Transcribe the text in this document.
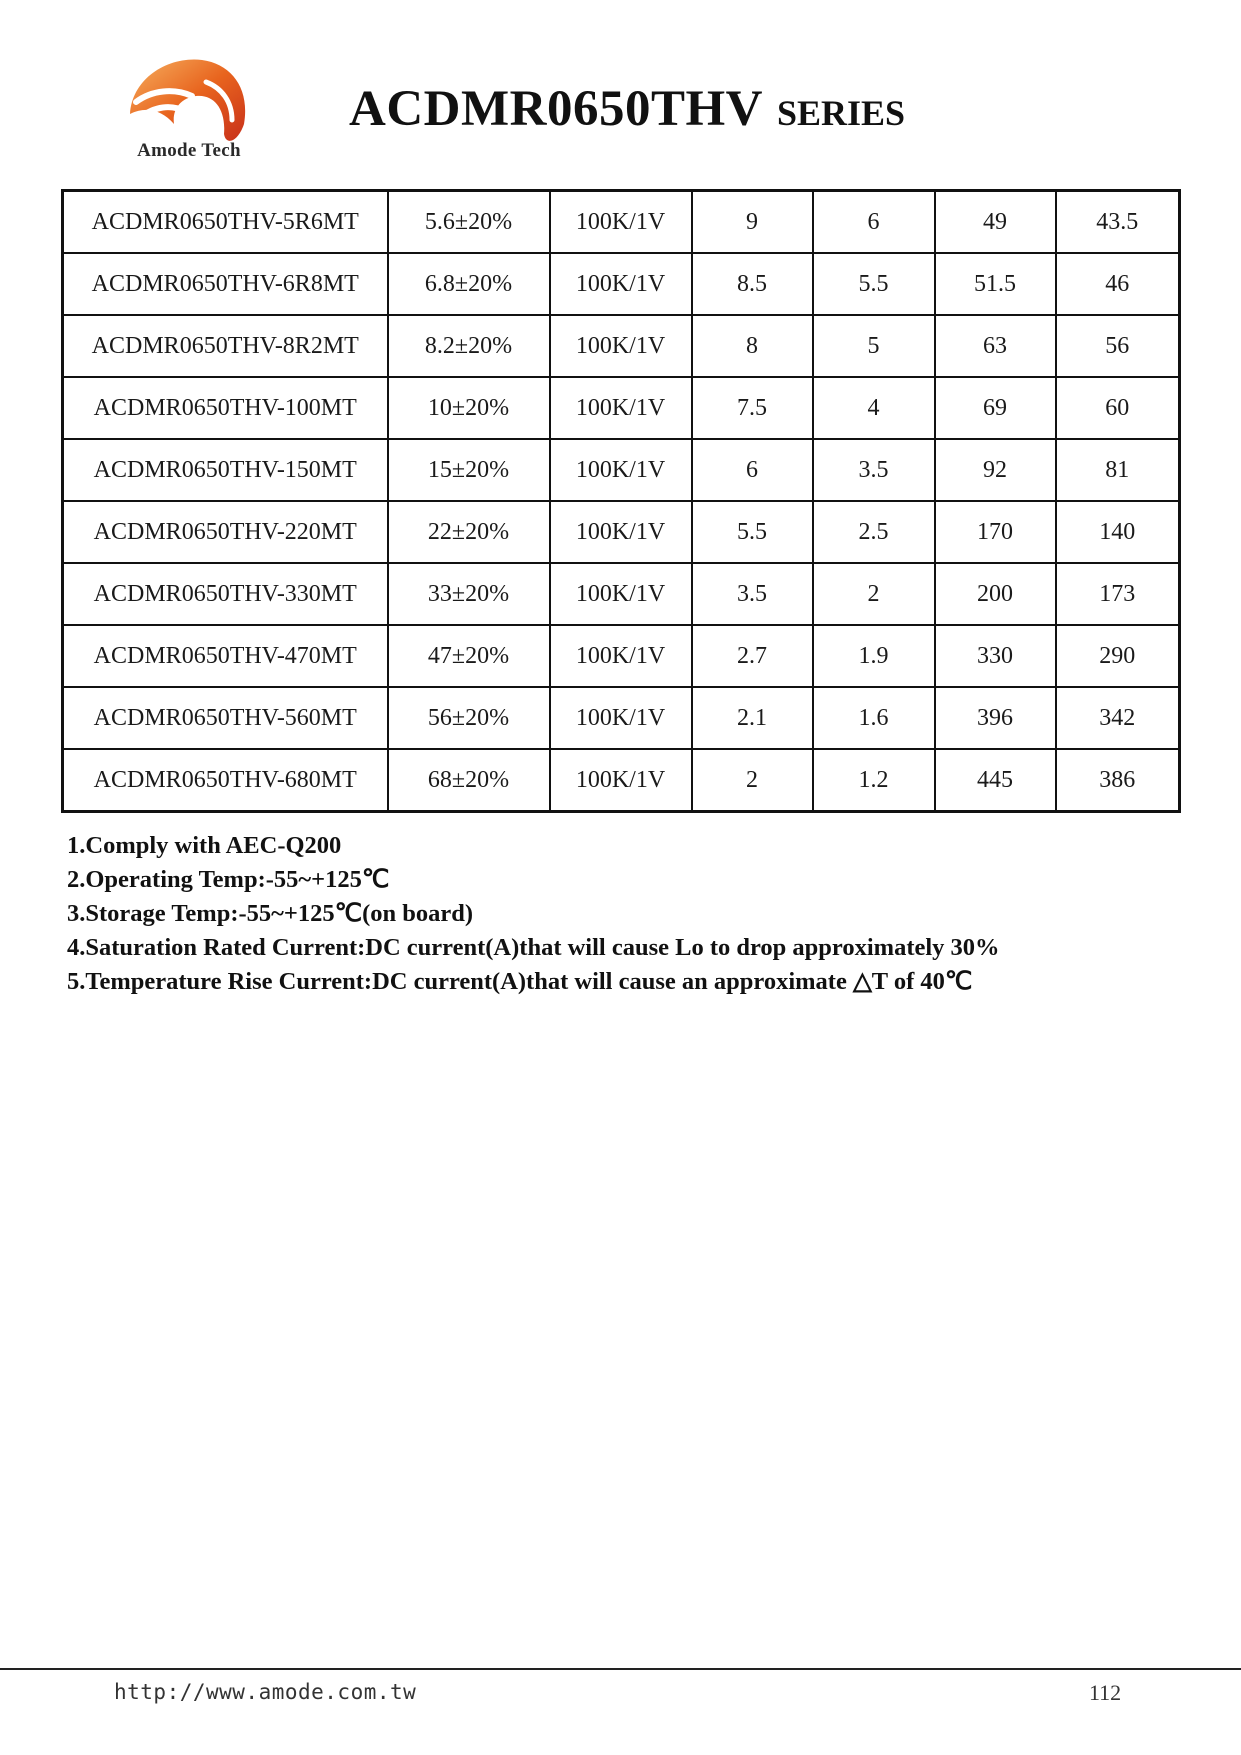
Amode Tech
ACDMR0650THV SERIES
ACDMR0650THV-5R6MT	5.6±20%	100K/1V	9	6	49	43.5
ACDMR0650THV-6R8MT	6.8±20%	100K/1V	8.5	5.5	51.5	46
ACDMR0650THV-8R2MT	8.2±20%	100K/1V	8	5	63	56
ACDMR0650THV-100MT	10±20%	100K/1V	7.5	4	69	60
ACDMR0650THV-150MT	15±20%	100K/1V	6	3.5	92	81
ACDMR0650THV-220MT	22±20%	100K/1V	5.5	2.5	170	140
ACDMR0650THV-330MT	33±20%	100K/1V	3.5	2	200	173
ACDMR0650THV-470MT	47±20%	100K/1V	2.7	1.9	330	290
ACDMR0650THV-560MT	56±20%	100K/1V	2.1	1.6	396	342
ACDMR0650THV-680MT	68±20%	100K/1V	2	1.2	445	386
1.Comply with AEC-Q200
2.Operating Temp:-55~+125℃
3.Storage Temp:-55~+125℃(on board)
4.Saturation Rated Current:DC current(A)that will cause Lo to drop approximately 30%
5.Temperature Rise Current:DC current(A)that will cause an approximate △T of 40℃
http://www.amode.com.tw	112
